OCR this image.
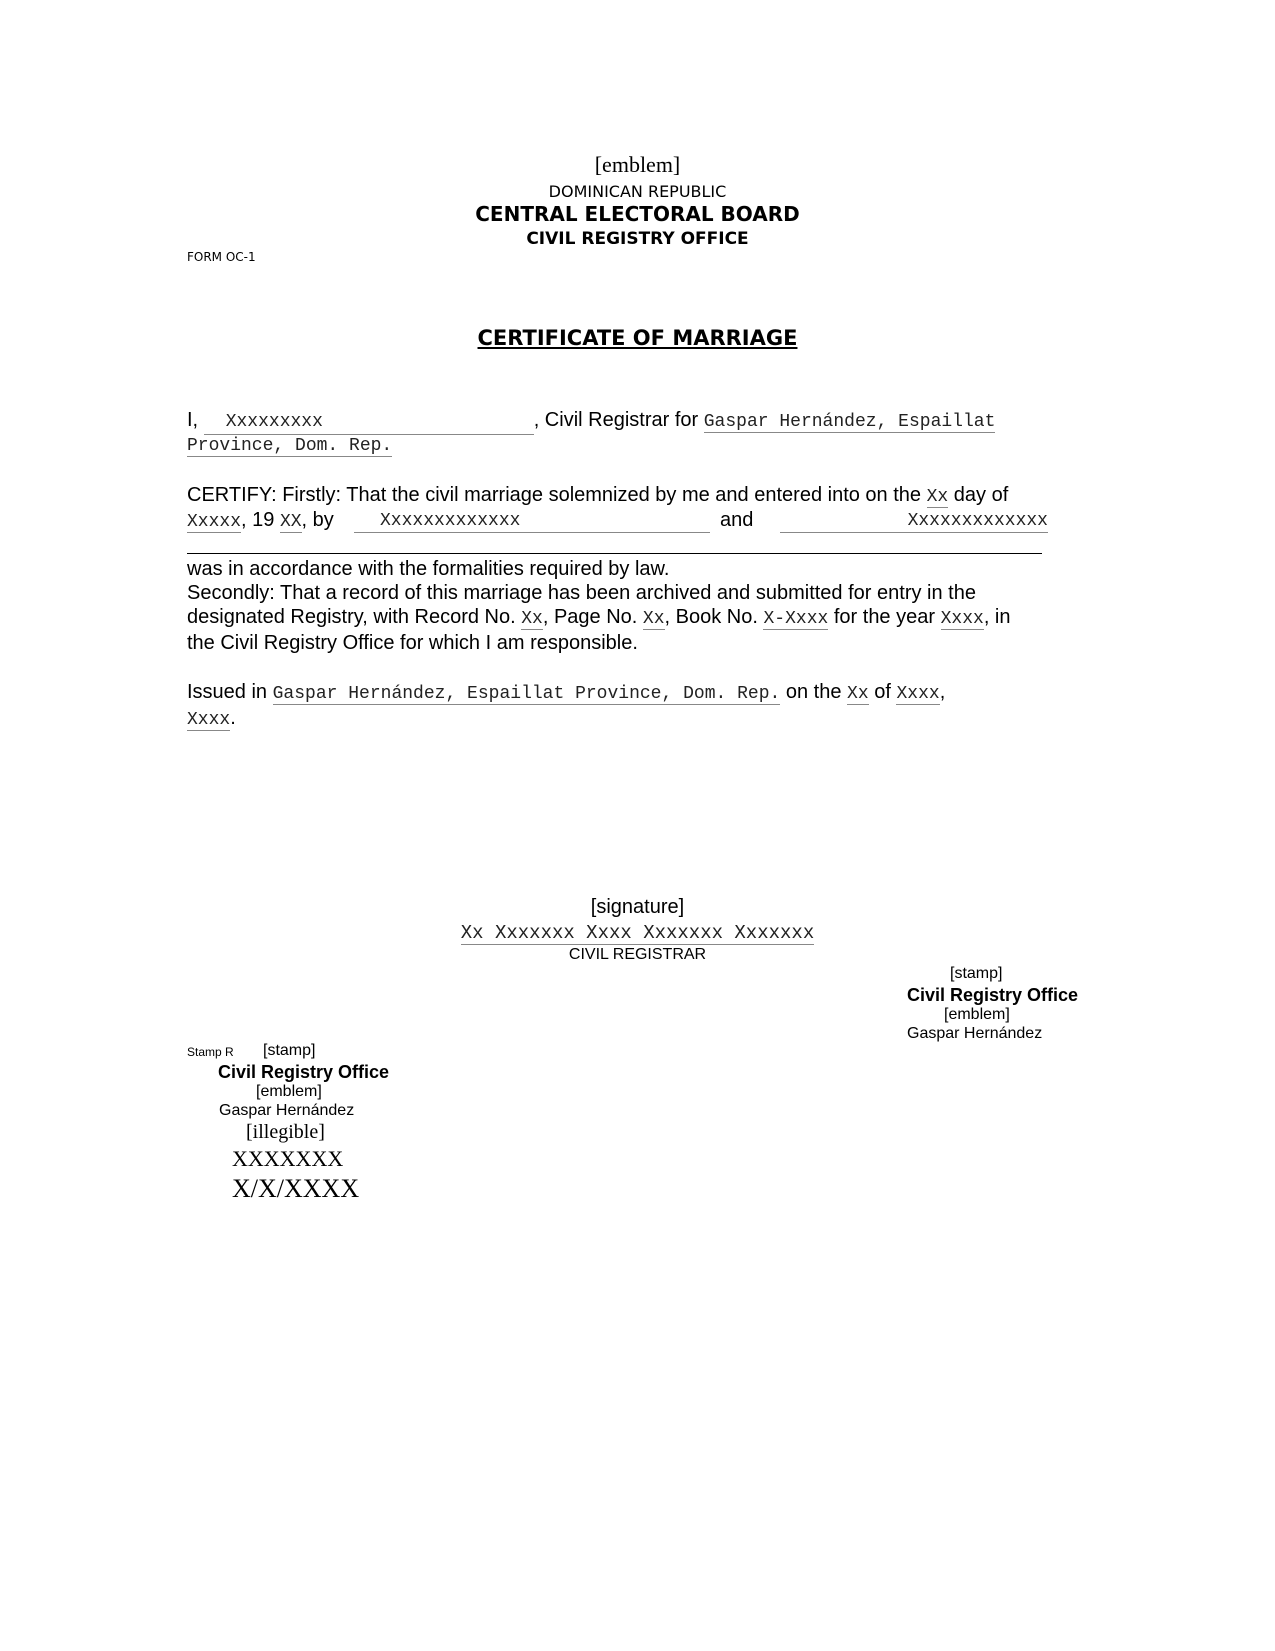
[emblem]
DOMINICAN REPUBLIC
CENTRAL ELECTORAL BOARD
CIVIL REGISTRY OFFICE
FORM OC-1
CERTIFICATE OF MARRIAGE
I, Xxxxxxxxx	, Civil Registrar for Gaspar Hernández, Espaillat
Province, Dom. Rep.
CERTIFY: Firstly: That the civil marriage solemnized by me and entered into on the Xx day of
Xxxxx, 19 XX, by	Xxxxxxxxxxxxx	and	Xxxxxxxxxxxxx
was in accordance with the formalities required by law.
Secondly: That a record of this marriage has been archived and submitted for entry in the
designated Registry, with Record No. Xx, Page No. Xx, Book No. X-Xxxx for the year Xxxx, in
the Civil Registry Office for which I am responsible.
Issued in Gaspar Hernández, Espaillat Province, Dom. Rep. on the Xx of Xxxx,
Xxxx.
[signature]
Xx Xxxxxxx Xxxx Xxxxxxx Xxxxxxx
CIVIL REGISTRAR
[stamp]
Civil Registry Office
[emblem]
Gaspar Hernández
Stamp R [stamp]
Civil Registry Office
[emblem]
Gaspar Hernández
[illegible]
XXXXXXX
X/X/XXXX
